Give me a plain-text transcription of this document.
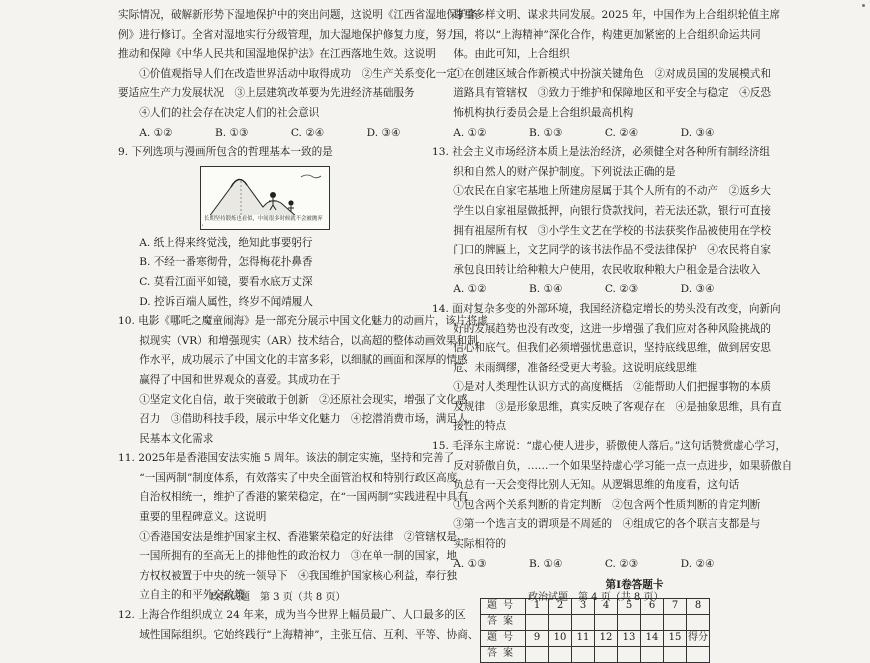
实际情况，破解新形势下湿地保护中的突出问题，这说明《江西省湿地保护条

例》进行修订。全省对湿地实行分级管理，加大湿地保护修复力度，努力

推动和保障《中华人民共和国湿地保护法》在江西落地生效。这说明

①价值观指导人们在改造世界活动中取得成功　②生产关系变化一定

要适应生产力发展状况　③上层建筑改革要为先进经济基础服务

④人们的社会存在决定人们的社会意识

A. ①②　　　　B. ①③　　　　C. ②④　　　　D. ③④

9. 下列选项与漫画所包含的哲理基本一致的是

长期坚持锻炼也看似，中间很多时候就不会被抛弃

A. 纸上得来终觉浅，绝知此事要躬行

B. 不经一番寒彻骨，怎得梅花扑鼻香

C. 莫看江面平如镜，要看水底万丈深

D. 控诉百端人属性，终岁不闻靖履人

10. 电影《哪吒之魔童闹海》是一部充分展示中国文化魅力的动画片，该片将虚

拟现实（VR）和增强现实（AR）技术结合，以高超的整体动画效果和制

作水平，成功展示了中国文化的丰富多彩，以细腻的画面和深厚的情感

赢得了中国和世界观众的喜爱。其成功在于

①坚定文化自信，敢于突破敢于创新　②还原社会现实，增强了文化感

召力　③借助科技手段，展示中华文化魅力　④挖潜消费市场，满足人

民基本文化需求

11. 2025年是香港国安法实施 5 周年。该法的制定实施，坚持和完善了

“一国两制”制度体系，有效落实了中央全面管治权和特别行政区高度

自治权相统一，维护了香港的繁荣稳定，在“一国两制”实践进程中具有

重要的里程碑意义。这说明

①香港国安法是维护国家主权、香港繁荣稳定的好法律　②管辖权是

一国所拥有的至高无上的排他性的政治权力　③在单一制的国家，地

方权权被置于中央的统一领导下　④我国维护国家核心利益，奉行独

立自主的和平外交政策

12. 上海合作组织成立 24 年来，成为当今世界上幅员最广、人口最多的区

域性国际组织。它始终践行“上海精神”，主张互信、互利、平等、协商、

尊重多样文明、谋求共同发展。2025 年，中国作为上合组织轮值主席

国，将以“上海精神”深化合作，构建更加紧密的上合组织命运共同

体。由此可知，上合组织

①在创建区域合作新模式中扮演关键角色　②对成员国的发展模式和

道路具有管辖权　③致力于维护和保障地区和平安全与稳定　④反恐

怖机构执行委员会是上合组织最高机构

A. ①②　　　　B. ①③　　　　C. ②④　　　　D. ③④

13. 社会主义市场经济本质上是法治经济，必须健全对各种所有制经济组

织和自然人的财产保护制度。下列说法正确的是

①农民在自家宅基地上所建房屋属于其个人所有的不动产　②返乡大

学生以自家祖屋做抵押，向银行贷款找问，若无法还款，银行可直接

拥有祖屋所有权　③小学生文艺在学校的书法获奖作品被使用在学校

门口的牌匾上，文艺同学的该书法作品不受法律保护　④农民将自家

承包良田转让给种粮大户使用，农民收取种粮大户租金是合法收入

A. ①②　　　　B. ①④　　　　C. ②③　　　　D. ③④

14. 面对复杂多变的外部环境，我国经济稳定增长的势头没有改变，向新向

好的发展趋势也没有改变，这进一步增强了我们应对各种风险挑战的

信心和底气。但我们必须增强忧患意识，坚持底线思维，做到居安思

危、未雨绸缪，准备经受更大考验。这说明底线思维

①是对人类理性认识方式的高度概括　②能帮助人们把握事物的本质

及规律　③是形象思维，真实反映了客观存在　④是抽象思维，具有直

接性的特点

15. 毛泽东主席说：“虚心使人进步，骄傲使人落后。”这句话赞赏虚心学习，

反对骄傲自负，……一个如果坚持虚心学习能一点一点进步，如果骄傲自

负总有一天会变得比别人无知。从逻辑思维的角度看，这句话

①包含两个关系判断的肯定判断　②包含两个性质判断的肯定判断

③第一个选言支的谓项是不周延的　④组成它的各个联言支都是与

实际相符的

A. ①③　　　　B. ①④　　　　C. ②③　　　　D. ②④

第Ⅰ卷答题卡
题号	1	2	3	4	5	6	7	8
答案								
题号	9	10	11	12	13	14	15	得分
答案								
政治试题　第 3 页（共 8 页）	政治试题　第 4 页（共 8 页）
